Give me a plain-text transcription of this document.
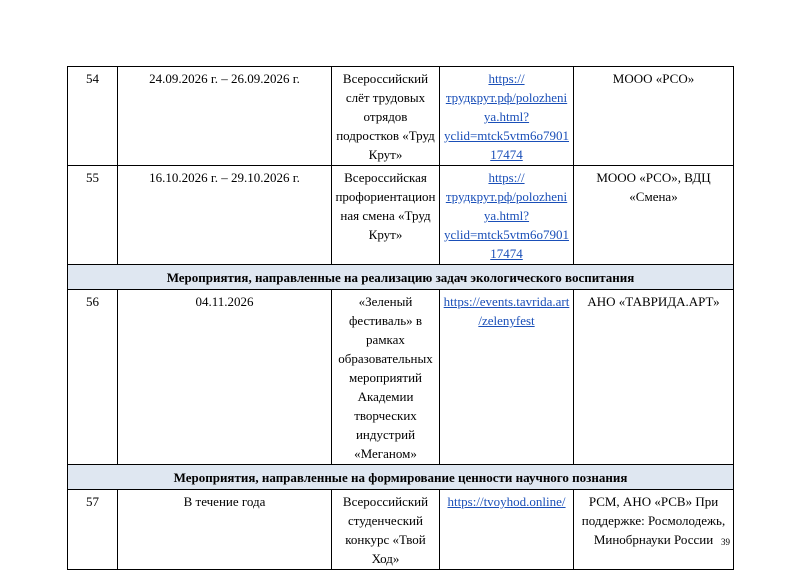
54	24.09.2026 г. – 26.09.2026 г.	Всероссийский слёт трудовых отрядов подростков «Труд Крут»	https://трудкрут.рф/polozheniya.html?yclid=mtck5vtm6o790117474	МООО «РСО»
55	16.10.2026 г. – 29.10.2026 г.	Всероссийская профориентационная смена «Труд Крут»	https://трудкрут.рф/polozheniya.html?yclid=mtck5vtm6o790117474	МООО «РСО», ВДЦ «Смена»
Мероприятия, направленные на реализацию задач экологического воспитания				
56	04.11.2026	«Зеленый фестиваль» в рамках образовательных мероприятий Академии творческих индустрий «Меганом»	https://events.tavrida.art/zelenyfest	АНО «ТАВРИДА.АРТ»
Мероприятия, направленные на формирование ценности научного познания				
57	В течение года	Всероссийский студенческий конкурс «Твой Ход»	https://tvoyhod.online/	РСМ, АНО «РСВ» При поддержке: Росмолодежь, Минобрнауки России 39
